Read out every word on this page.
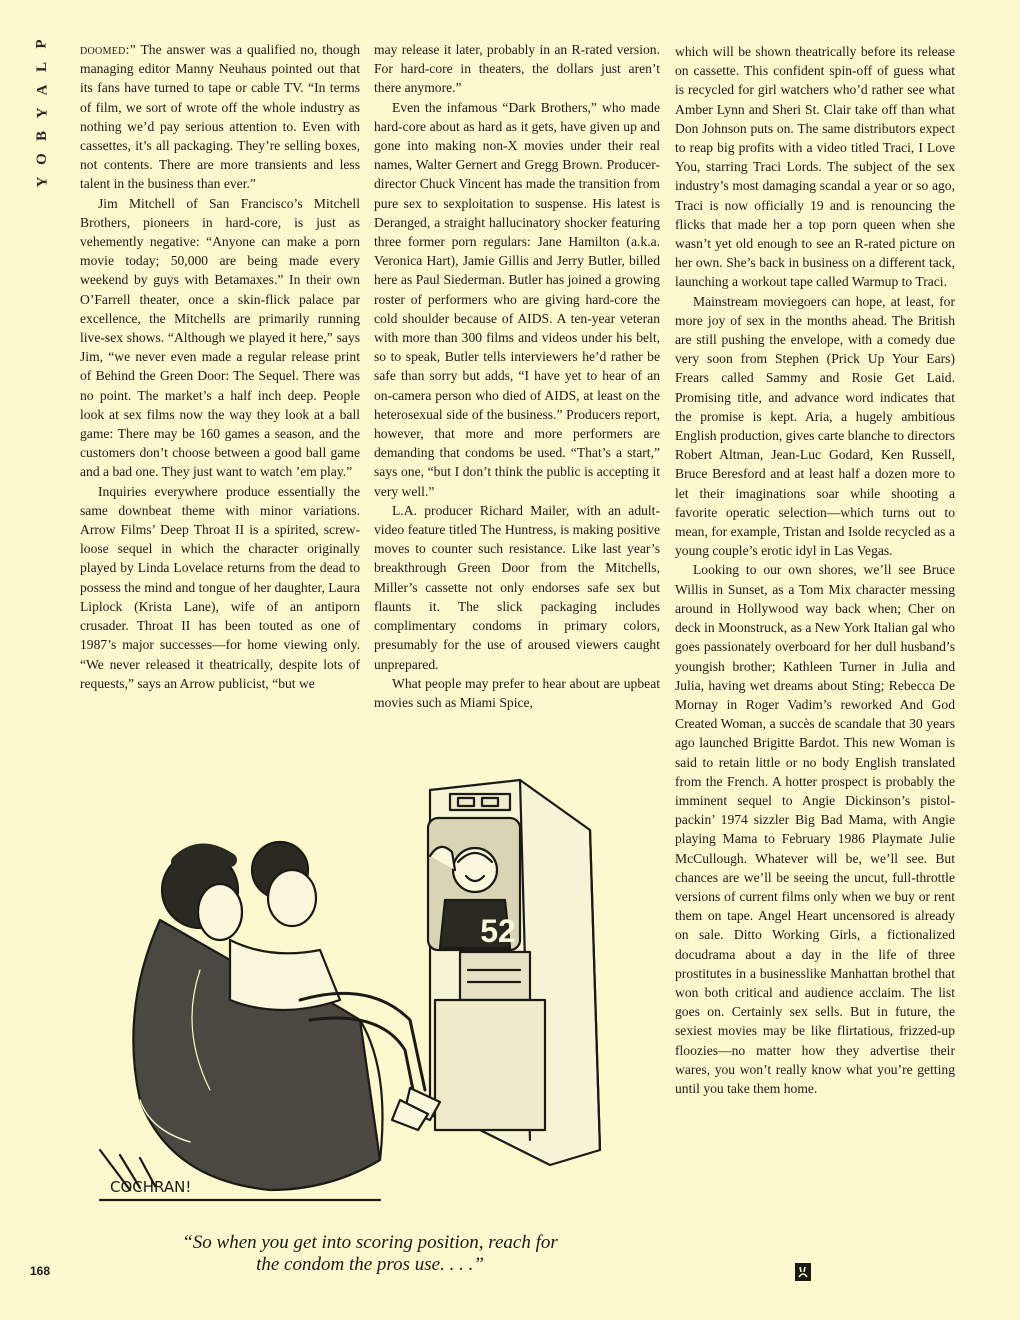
P
L
A
Y
B
O
Y

doomed:” The answer was a qualified no, though managing editor Manny Neuhaus pointed out that its fans have turned to tape or cable TV. “In terms of film, we sort of wrote off the whole industry as nothing we’d pay serious attention to. Even with cassettes, it’s all packaging. They’re selling boxes, not contents. There are more transients and less talent in the business than ever.”

Jim Mitchell of San Francisco’s Mitchell Brothers, pioneers in hard-core, is just as vehemently negative: “Anyone can make a porn movie today; 50,000 are being made every weekend by guys with Betamaxes.” In their own O’Farrell theater, once a skin-flick palace par excellence, the Mitchells are primarily running live-sex shows. “Although we played it here,” says Jim, “we never even made a regular release print of Behind the Green Door: The Sequel. There was no point. The market’s a half inch deep. People look at sex films now the way they look at a ball game: There may be 160 games a season, and the customers don’t choose between a good ball game and a bad one. They just want to watch ’em play.”

Inquiries everywhere produce essentially the same downbeat theme with minor variations. Arrow Films’ Deep Throat II is a spirited, screw-loose sequel in which the character originally played by Linda Lovelace returns from the dead to possess the mind and tongue of her daughter, Laura Liplock (Krista Lane), wife of an antiporn crusader. Throat II has been touted as one of 1987’s major successes—for home viewing only. “We never released it theatrically, despite lots of requests,” says an Arrow publicist, “but we

may release it later, probably in an R-rated version. For hard-core in theaters, the dollars just aren’t there anymore.”

Even the infamous “Dark Brothers,” who made hard-core about as hard as it gets, have given up and gone into making non-X movies under their real names, Walter Gernert and Gregg Brown. Producer-director Chuck Vincent has made the transition from pure sex to sexploitation to suspense. His latest is Deranged, a straight hallucinatory shocker featuring three former porn regulars: Jane Hamilton (a.k.a. Veronica Hart), Jamie Gillis and Jerry Butler, billed here as Paul Siederman. Butler has joined a growing roster of performers who are giving hard-core the cold shoulder because of AIDS. A ten-year veteran with more than 300 films and videos under his belt, so to speak, Butler tells interviewers he’d rather be safe than sorry but adds, “I have yet to hear of an on-camera person who died of AIDS, at least on the heterosexual side of the business.” Producers report, however, that more and more performers are demanding that condoms be used. “That’s a start,” says one, “but I don’t think the public is accepting it very well.”

L.A. producer Richard Mailer, with an adult-video feature titled The Huntress, is making positive moves to counter such resistance. Like last year’s breakthrough Green Door from the Mitchells, Miller’s cassette not only endorses safe sex but flaunts it. The slick packaging includes complimentary condoms in primary colors, presumably for the use of aroused viewers caught unprepared.

What people may prefer to hear about are upbeat movies such as Miami Spice,

which will be shown theatrically before its release on cassette. This confident spin-off of guess what is recycled for girl watchers who’d rather see what Amber Lynn and Sheri St. Clair take off than what Don Johnson puts on. The same distributors expect to reap big profits with a video titled Traci, I Love You, starring Traci Lords. The subject of the sex industry’s most damaging scandal a year or so ago, Traci is now officially 19 and is renouncing the flicks that made her a top porn queen when she wasn’t yet old enough to see an R-rated picture on her own. She’s back in business on a different tack, launching a workout tape called Warmup to Traci.

Mainstream moviegoers can hope, at least, for more joy of sex in the months ahead. The British are still pushing the envelope, with a comedy due very soon from Stephen (Prick Up Your Ears) Frears called Sammy and Rosie Get Laid. Promising title, and advance word indicates that the promise is kept. Aria, a hugely ambitious English production, gives carte blanche to directors Robert Altman, Jean-Luc Godard, Ken Russell, Bruce Beresford and at least half a dozen more to let their imaginations soar while shooting a favorite operatic selection—which turns out to mean, for example, Tristan and Isolde recycled as a young couple’s erotic idyl in Las Vegas.

Looking to our own shores, we’ll see Bruce Willis in Sunset, as a Tom Mix character messing around in Hollywood way back when; Cher on deck in Moonstruck, as a New York Italian gal who goes passionately overboard for her dull husband’s youngish brother; Kathleen Turner in Julia and Julia, having wet dreams about Sting; Rebecca De Mornay in Roger Vadim’s reworked And God Created Woman, a succès de scandale that 30 years ago launched Brigitte Bardot. This new Woman is said to retain little or no body English translated from the French. A hotter prospect is probably the imminent sequel to Angie Dickinson’s pistol-packin’ 1974 sizzler Big Bad Mama, with Angie playing Mama to February 1986 Playmate Julie McCullough. Whatever will be, we’ll see. But chances are we’ll be seeing the uncut, full-throttle versions of current films only when we buy or rent them on tape. Angel Heart uncensored is already on sale. Ditto Working Girls, a fictionalized docudrama about a day in the life of three prostitutes in a businesslike Manhattan brothel that won both critical and audience acclaim. The list goes on. Certainly sex sells. But in future, the sexiest movies may be like flirtatious, frizzed-up floozies—no matter how they advertise their wares, you won’t really know what you’re getting until you take them home.

52
COCHRAN!
“So when you get into scoring position, reach for
the condom the pros use. . . .”
168
